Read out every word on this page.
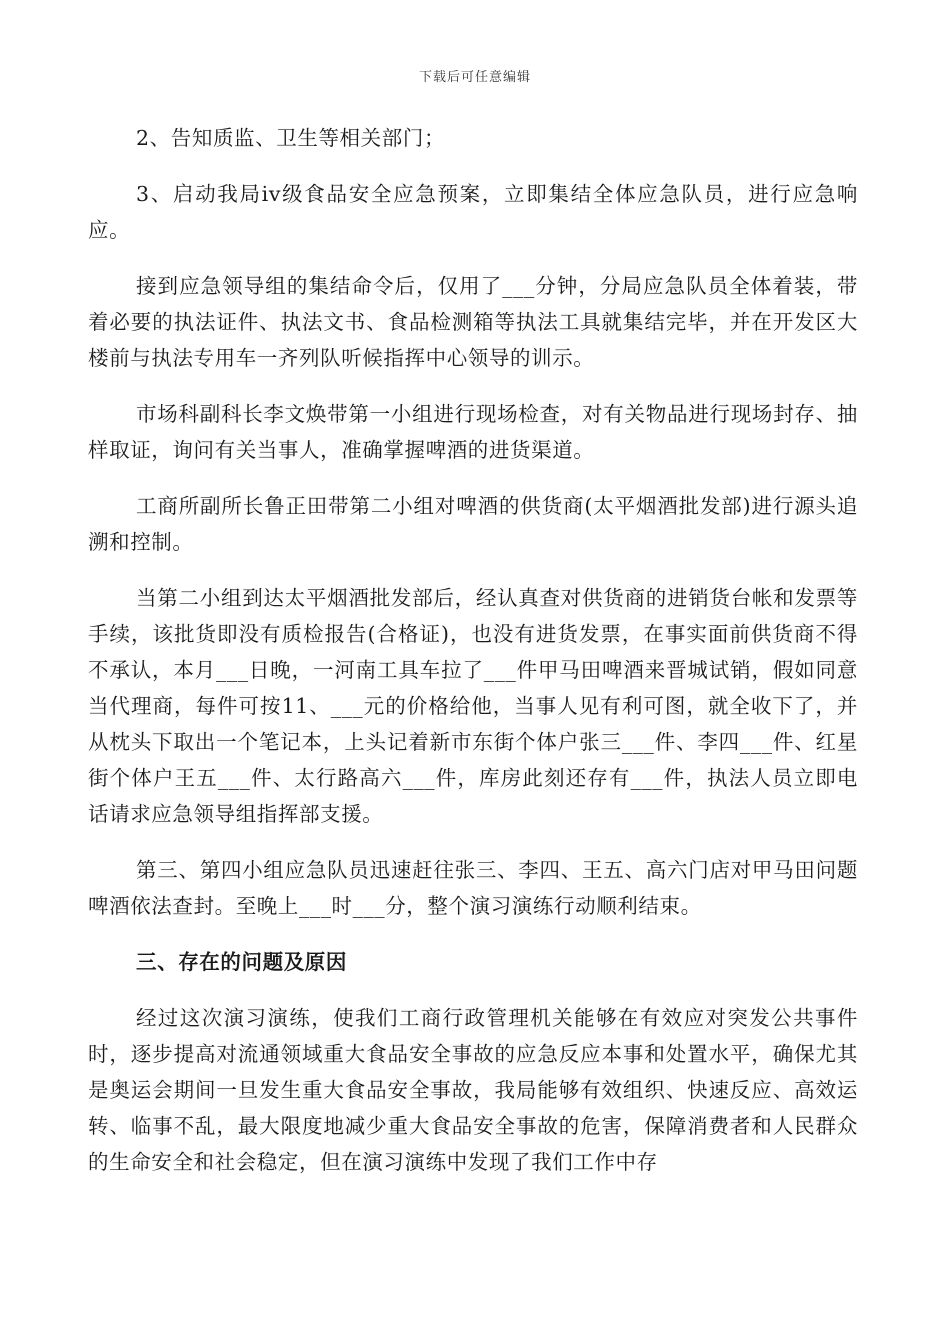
下载后可任意编辑

2、告知质监、卫生等相关部门；

3、启动我局iv级食品安全应急预案，立即集结全体应急队员，进行应急响应。

接到应急领导组的集结命令后，仅用了___分钟，分局应急队员全体着装，带着必要的执法证件、执法文书、食品检测箱等执法工具就集结完毕，并在开发区大楼前与执法专用车一齐列队听候指挥中心领导的训示。

市场科副科长李文焕带第一小组进行现场检查，对有关物品进行现场封存、抽样取证，询问有关当事人，准确掌握啤酒的进货渠道。

工商所副所长鲁正田带第二小组对啤酒的供货商(太平烟酒批发部)进行源头追溯和控制。

当第二小组到达太平烟酒批发部后，经认真查对供货商的进销货台帐和发票等手续，该批货即没有质检报告(合格证)，也没有进货发票，在事实面前供货商不得不承认，本月___日晚，一河南工具车拉了___件甲马田啤酒来晋城试销，假如同意当代理商，每件可按11、___元的价格给他，当事人见有利可图，就全收下了，并从枕头下取出一个笔记本，上头记着新市东街个体户张三___件、李四___件、红星街个体户王五___件、太行路高六___件，库房此刻还存有___件，执法人员立即电话请求应急领导组指挥部支援。

第三、第四小组应急队员迅速赶往张三、李四、王五、高六门店对甲马田问题啤酒依法查封。至晚上___时___分，整个演习演练行动顺利结束。

三、存在的问题及原因

经过这次演习演练，使我们工商行政管理机关能够在有效应对突发公共事件时，逐步提高对流通领域重大食品安全事故的应急反应本事和处置水平，确保尤其是奥运会期间一旦发生重大食品安全事故，我局能够有效组织、快速反应、高效运转、临事不乱，最大限度地减少重大食品安全事故的危害，保障消费者和人民群众的生命安全和社会稳定，但在演习演练中发现了我们工作中存
